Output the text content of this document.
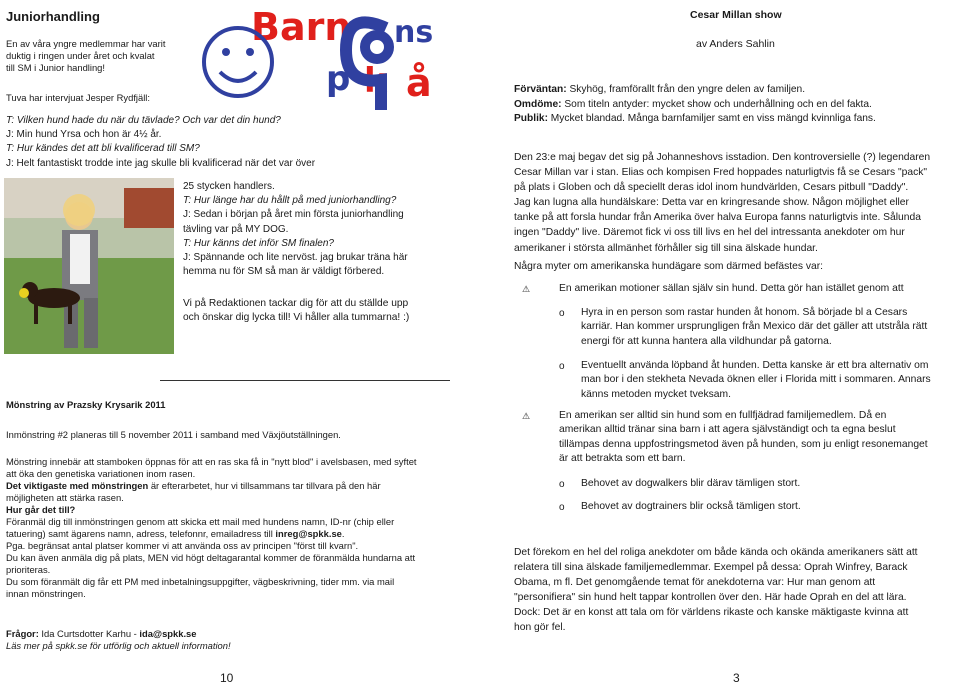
Juniorhandling

En av våra yngre medlemmar har varit

duktig i ringen under året och kvalat

till SM i Junior handling!

Barn ns
p å
k
Tuva har intervjuat Jesper Rydfjäll:

T: Vilken hund hade du när du tävlade? Och var det din hund?

J: Min hund Yrsa och hon är 4½ år.

T: Hur kändes det att bli kvalificerad till SM?

J: Helt fantastiskt trodde inte jag skulle bli kvalificerad när det var över

25 stycken handlers.

T: Hur länge har du hållt på med juniorhandling?

J: Sedan i början på året min första juniorhandling

tävling var på MY DOG.

T: Hur känns det inför SM finalen?

J: Spännande och lite nervöst. jag brukar träna här

hemma nu för SM så man är väldigt förbered.

Vi på Redaktionen tackar dig för att du ställde upp

och önskar dig lycka till! Vi håller alla tummarna! :)

Mönstring av Prazsky Krysarik 2011
Inmönstring #2 planeras till 5 november 2011 i samband med Växjöutställningen.

Mönstring innebär att stamboken öppnas för att en ras ska få in "nytt blod" i avelsbasen, med syftet

att öka den genetiska variationen inom rasen.

Det viktigaste med mönstringen är efterarbetet, hur vi tillsammans tar tillvara på den här

möjligheten att stärka rasen.

Hur går det till?

Föranmäl dig till inmönstringen genom att skicka ett mail med hundens namn, ID-nr (chip eller

tatuering) samt ägarens namn, adress, telefonnr, emailadress till inreg@spkk.se.

Pga. begränsat antal platser kommer vi att använda oss av principen "först till kvarn".

Du kan även anmäla dig på plats, MEN vid högt deltagarantal kommer de föranmälda hundarna att

prioriteras.

Du som föranmält dig får ett PM med inbetalningsuppgifter, vägbeskrivning, tider mm. via mail

innan mönstringen.

Frågor: Ida Curtsdotter Karhu - ida@spkk.se

Läs mer på spkk.se för utförlig och aktuell information!

10
Cesar Millan show
av Anders Sahlin

Förväntan: Skyhög, framförallt från den yngre delen av familjen.

Omdöme: Som titeln antyder: mycket show och underhållning och en del fakta.

Publik: Mycket blandad. Många barnfamiljer samt en viss mängd kvinnliga fans.

Den 23:e maj begav det sig på Johanneshovs isstadion. Den kontroversielle (?) legendaren

Cesar Millan var i stan. Elias och kompisen Fred hoppades naturligtvis få se Cesars "pack"

på plats i Globen och då speciellt deras idol inom hundvärlden, Cesars pitbull "Daddy".

Jag kan lugna alla hundälskare: Detta var en kringresande show. Någon möjlighet eller

tanke på att forsla hundar från Amerika över halva Europa fanns naturligtvis inte. Sålunda

ingen "Daddy" live. Däremot fick vi oss till livs en hel del intressanta anekdoter om hur

amerikaner i största allmänhet förhåller sig till sina älskade hundar.

Några myter om amerikanska hundägare som därmed befästes var:
⚠	En amerikan motioner sällan själv sin hund. Detta gör han istället genom att

o Hyra in en person som rastar hunden åt honom. Så började bl a Cesars

karriär. Han kommer ursprungligen från Mexico där det gäller att utstråla rätt

energi för att kunna hantera alla vildhundar på gatorna.

o Eventuellt använda löpband åt hunden. Detta kanske är ett bra alternativ om

man bor i den stekheta Nevada öknen eller i Florida mitt i sommaren. Annars

känns metoden mycket tveksam.

⚠	En amerikan ser alltid sin hund som en fullfjädrad familjemedlem. Då en

amerikan alltid tränar sina barn i att agera självständigt och ta egna beslut

tillämpas denna uppfostringsmetod även på hunden, som ju enligt resonemanget

är att betrakta som ett barn.

o Behovet av dogwalkers blir därav tämligen stort.

o Behovet av dogtrainers blir också tämligen stort.

Det förekom en hel del roliga anekdoter om både kända och okända amerikaners sätt att

relatera till sina älskade familjemedlemmar. Exempel på dessa: Oprah Winfrey, Barack

Obama, m fl. Det genomgående temat för anekdoterna var: Hur man genom att

"personifiera" sin hund helt tappar kontrollen över den. Här hade Oprah en del att lära.

Dock: Det är en konst att tala om för världens rikaste och kanske mäktigaste kvinna att

hon gör fel.

3
